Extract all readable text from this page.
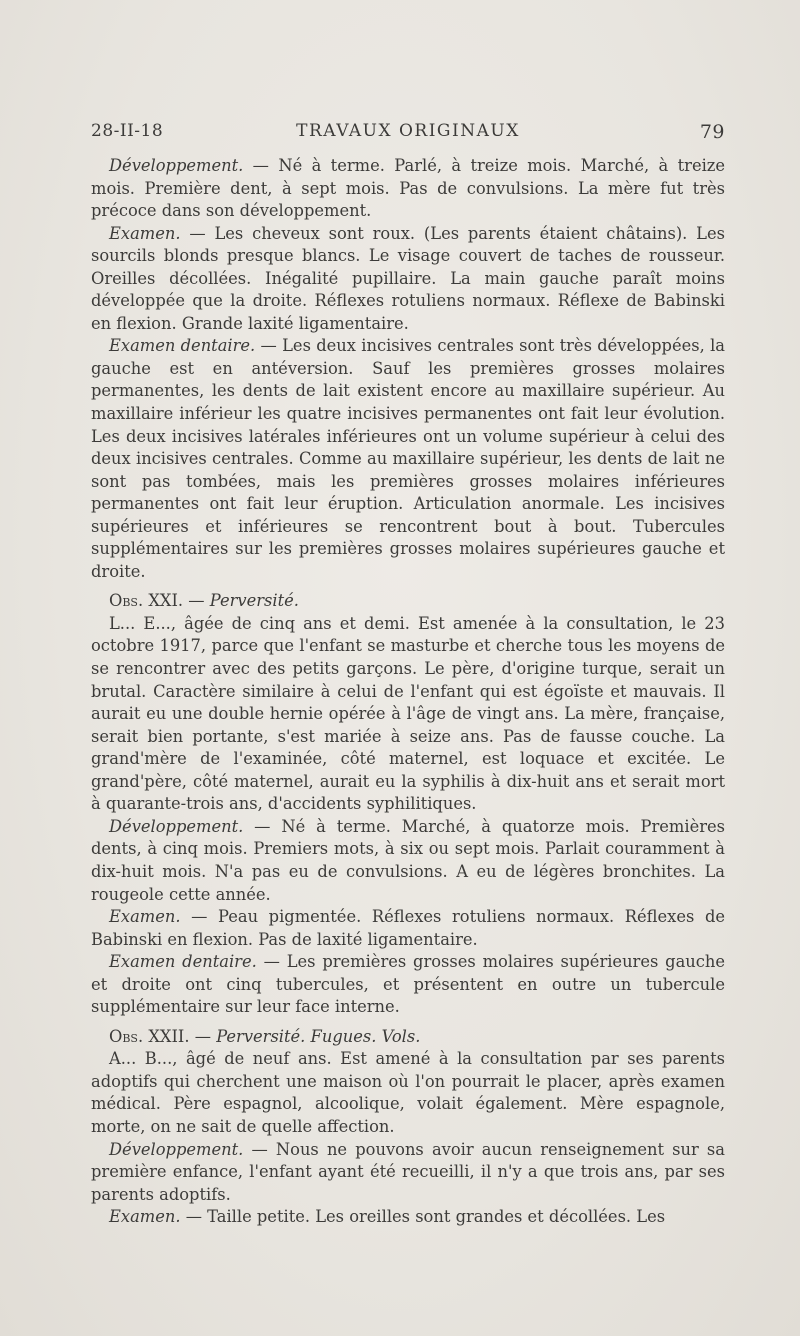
28-II-18	TRAVAUX ORIGINAUX	79

Développement. — Né à terme. Parlé, à treize mois. Marché, à treize mois. Première dent, à sept mois. Pas de convulsions. La mère fut très précoce dans son développement.

Examen. — Les cheveux sont roux. (Les parents étaient châtains). Les sourcils blonds presque blancs. Le visage couvert de taches de rousseur. Oreilles décollées. Inégalité pupillaire. La main gauche paraît moins développée que la droite. Réflexes rotuliens normaux. Réflexe de Babinski en flexion. Grande laxité ligamentaire.

Examen dentaire. — Les deux incisives centrales sont très développées, la gauche est en antéversion. Sauf les premières grosses molaires permanentes, les dents de lait existent encore au maxillaire supérieur. Au maxillaire inférieur les quatre incisives permanentes ont fait leur évolution. Les deux incisives latérales inférieures ont un volume supérieur à celui des deux incisives centrales. Comme au maxillaire supérieur, les dents de lait ne sont pas tombées, mais les premières grosses molaires inférieures permanentes ont fait leur éruption. Articulation anormale. Les incisives supérieures et inférieures se rencontrent bout à bout. Tubercules supplémentaires sur les premières grosses molaires supérieures gauche et droite.

Obs. XXI. — Perversité.

L... E..., âgée de cinq ans et demi. Est amenée à la consultation, le 23 octobre 1917, parce que l'enfant se masturbe et cherche tous les moyens de se rencontrer avec des petits garçons. Le père, d'origine turque, serait un brutal. Caractère similaire à celui de l'enfant qui est égoïste et mauvais. Il aurait eu une double hernie opérée à l'âge de vingt ans. La mère, française, serait bien portante, s'est mariée à seize ans. Pas de fausse couche. La grand'mère de l'examinée, côté maternel, est loquace et excitée. Le grand'père, côté maternel, aurait eu la syphilis à dix-huit ans et serait mort à quarante-trois ans, d'accidents syphilitiques.

Développement. — Né à terme. Marché, à quatorze mois. Premières dents, à cinq mois. Premiers mots, à six ou sept mois. Parlait couramment à dix-huit mois. N'a pas eu de convulsions. A eu de légères bronchites. La rougeole cette année.

Examen. — Peau pigmentée. Réflexes rotuliens normaux. Réflexes de Babinski en flexion. Pas de laxité ligamentaire.

Examen dentaire. — Les premières grosses molaires supérieures gauche et droite ont cinq tubercules, et présentent en outre un tubercule supplémentaire sur leur face interne.

Obs. XXII. — Perversité. Fugues. Vols.

A... B..., âgé de neuf ans. Est amené à la consultation par ses parents adoptifs qui cherchent une maison où l'on pourrait le placer, après examen médical. Père espagnol, alcoolique, volait également. Mère espagnole, morte, on ne sait de quelle affection.

Développement. — Nous ne pouvons avoir aucun renseignement sur sa première enfance, l'enfant ayant été recueilli, il n'y a que trois ans, par ses parents adoptifs.

Examen. — Taille petite. Les oreilles sont grandes et décollées. Les
